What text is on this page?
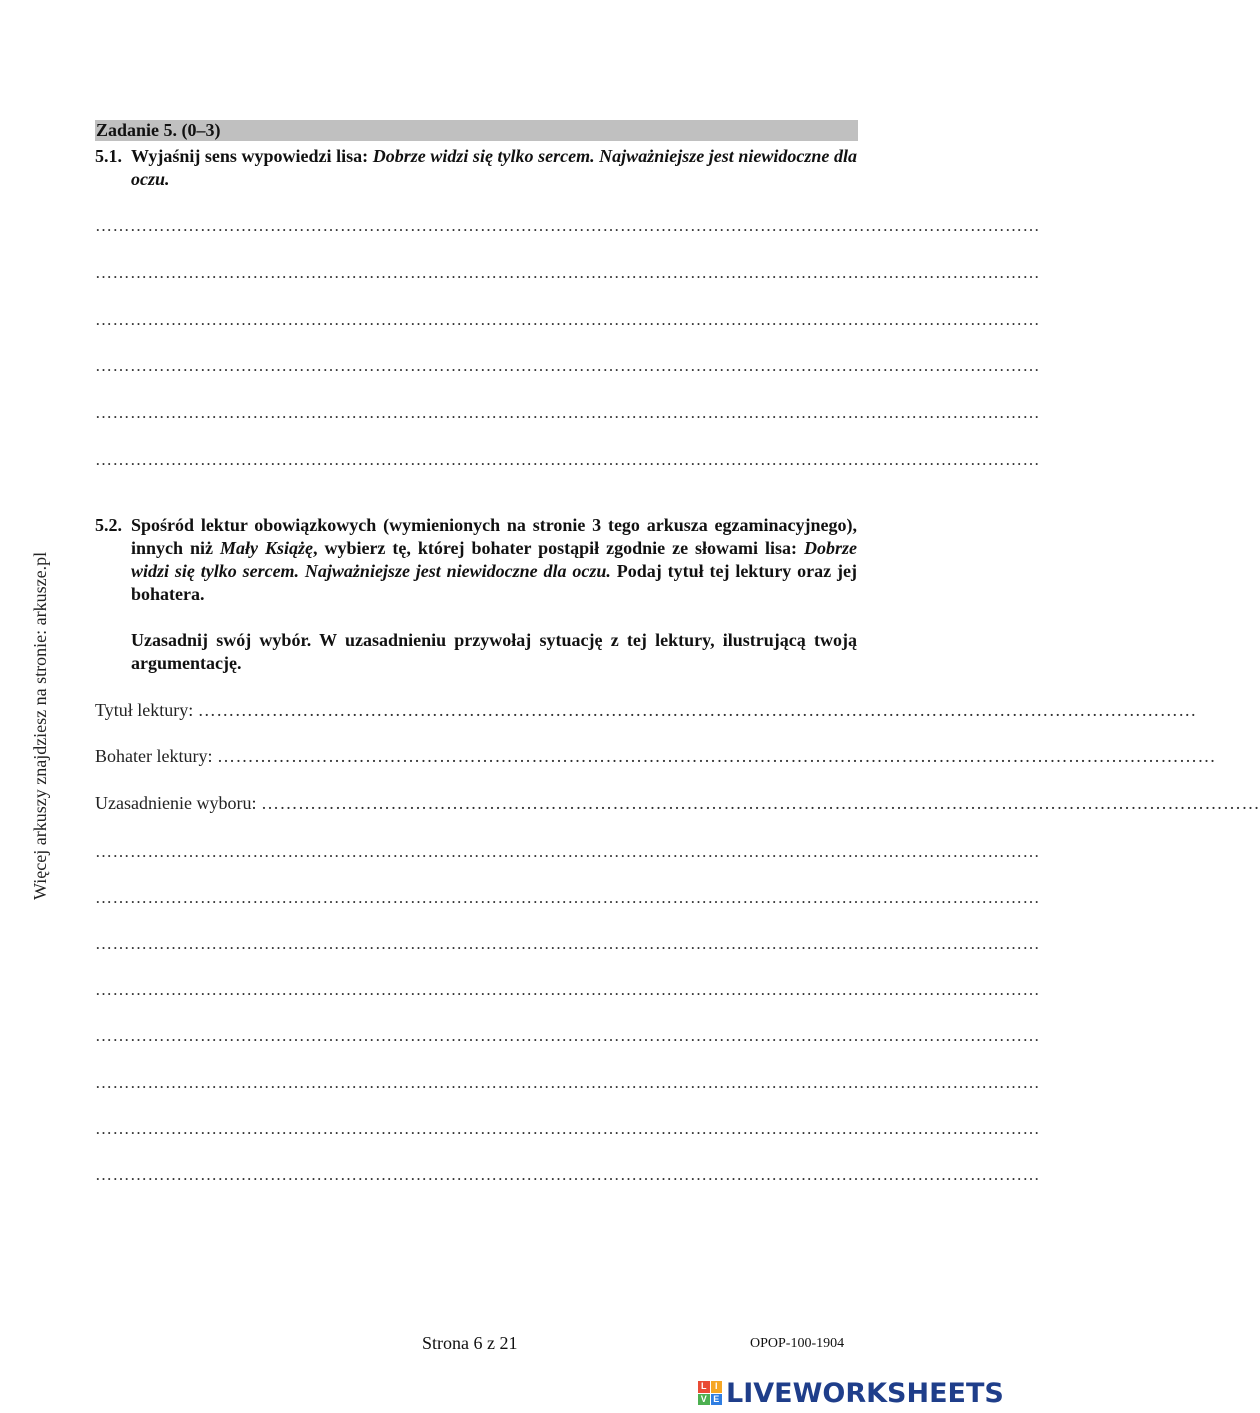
Więcej arkuszy znajdziesz na stronie: arkusze.pl
Zadanie 5. (0–3)
5.1. Wyjaśnij sens wypowiedzi lisa: Dobrze widzi się tylko sercem. Najważniejsze jest niewidoczne dla oczu.
………………………………………………………………………………………………………………………………………………
………………………………………………………………………………………………………………………………………………
………………………………………………………………………………………………………………………………………………
………………………………………………………………………………………………………………………………………………
………………………………………………………………………………………………………………………………………………
………………………………………………………………………………………………………………………………………………
5.2. Spośród lektur obowiązkowych (wymienionych na stronie 3 tego arkusza egzaminacyjnego), innych niż Mały Książę, wybierz tę, której bohater postąpił zgodnie ze słowami lisa: Dobrze widzi się tylko sercem. Najważniejsze jest niewidoczne dla oczu. Podaj tytuł tej lektury oraz jej bohatera.
Uzasadnij swój wybór. W uzasadnieniu przywołaj sytuację z tej lektury, ilustrującą twoją argumentację.
Tytuł lektury: ………………………………………………………………………………………………………………………………………………
Bohater lektury: ………………………………………………………………………………………………………………………………………………
Uzasadnienie wyboru: ………………………………………………………………………………………………………………………………………………
………………………………………………………………………………………………………………………………………………
………………………………………………………………………………………………………………………………………………
………………………………………………………………………………………………………………………………………………
………………………………………………………………………………………………………………………………………………
………………………………………………………………………………………………………………………………………………
………………………………………………………………………………………………………………………………………………
………………………………………………………………………………………………………………………………………………
………………………………………………………………………………………………………………………………………………
Strona 6 z 21	OPOP-100-1904
L I
V E LIVEWORKSHEETS
